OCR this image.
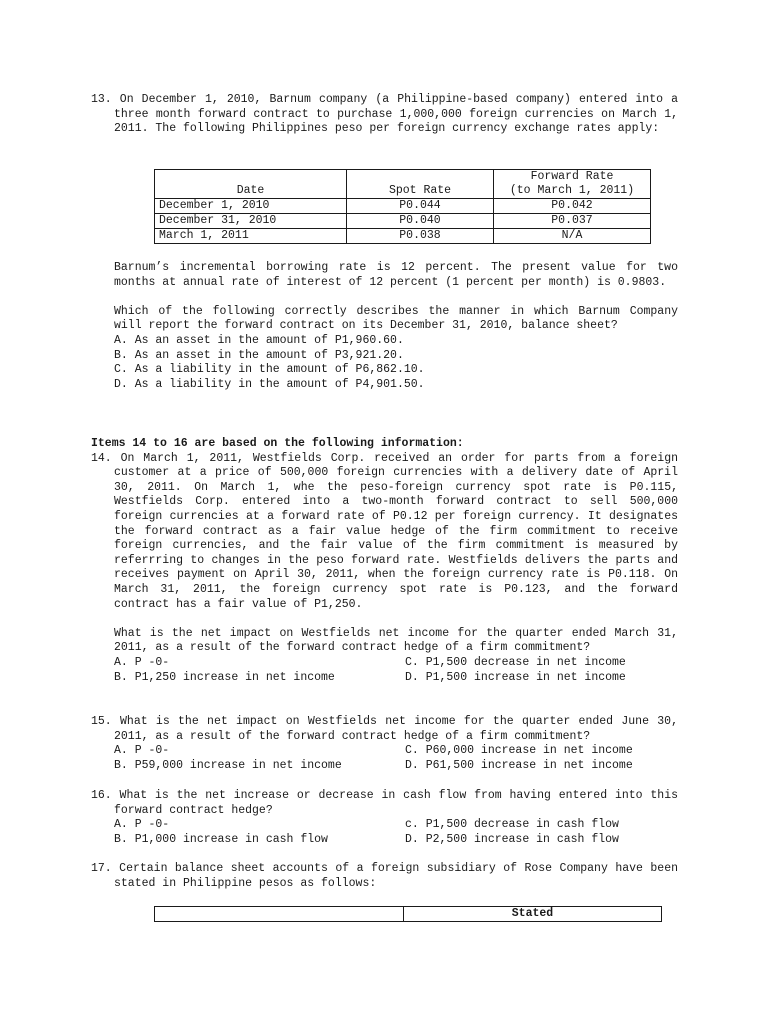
13. On December 1, 2010, Barnum company (a Philippine-based company) entered into a three month forward contract to purchase 1,000,000 foreign currencies on March 1, 2011. The following Philippines peso per foreign currency exchange rates apply:

Date	Spot Rate	Forward Rate
(to March 1, 2011)
December 1, 2010	P0.044	P0.042
December 31, 2010	P0.040	P0.037
March 1, 2011	P0.038	N/A

Barnum’s incremental borrowing rate is 12 percent. The present value for two months at annual rate of interest of 12 percent (1 percent per month) is 0.9803.

Which of the following correctly describes the manner in which Barnum Company will report the forward contract on its December 31, 2010, balance sheet?

A. As an asset in the amount of P1,960.60.

B. As an asset in the amount of P3,921.20.

C. As a liability in the amount of P6,862.10.

D. As a liability in the amount of P4,901.50.

Items 14 to 16 are based on the following information:

14. On March 1, 2011, Westfields Corp. received an order for parts from a foreign customer at a price of 500,000 foreign currencies with a delivery date of April 30, 2011. On March 1, whe the peso-foreign currency spot rate is P0.115, Westfields Corp. entered into a two-month forward contract to sell 500,000 foreign currencies at a forward rate of P0.12 per foreign currency. It designates the forward contract as a fair value hedge of the firm commitment to receive foreign currencies, and the fair value of the firm commitment is measured by referrring to changes in the peso forward rate. Westfields delivers the parts and receives payment on April 30, 2011, when the foreign currency rate is P0.118. On March 31, 2011, the foreign currency spot rate is P0.123, and the forward contract has a fair value of P1,250.

What is the net impact on Westfields net income for the quarter ended March 31, 2011, as a result of the forward contract hedge of a firm commitment?

A. P -0-	C. P1,500 decrease in net income
B. P1,250 increase in net income	D. P1,500 increase in net income

15. What is the net impact on Westfields net income for the quarter ended June 30, 2011, as a result of the forward contract hedge of a firm commitment?

A. P -0-	C. P60,000 increase in net income
B. P59,000 increase in net income	D. P61,500 increase in net income

16. What is the net increase or decrease in cash flow from having entered into this forward contract hedge?

A. P -0-	c. P1,500 decrease in cash flow
B. P1,000 increase in cash flow	D. P2,500 increase in cash flow

17. Certain balance sheet accounts of a foreign subsidiary of Rose Company have been stated in Philippine pesos as follows:

	Stated
